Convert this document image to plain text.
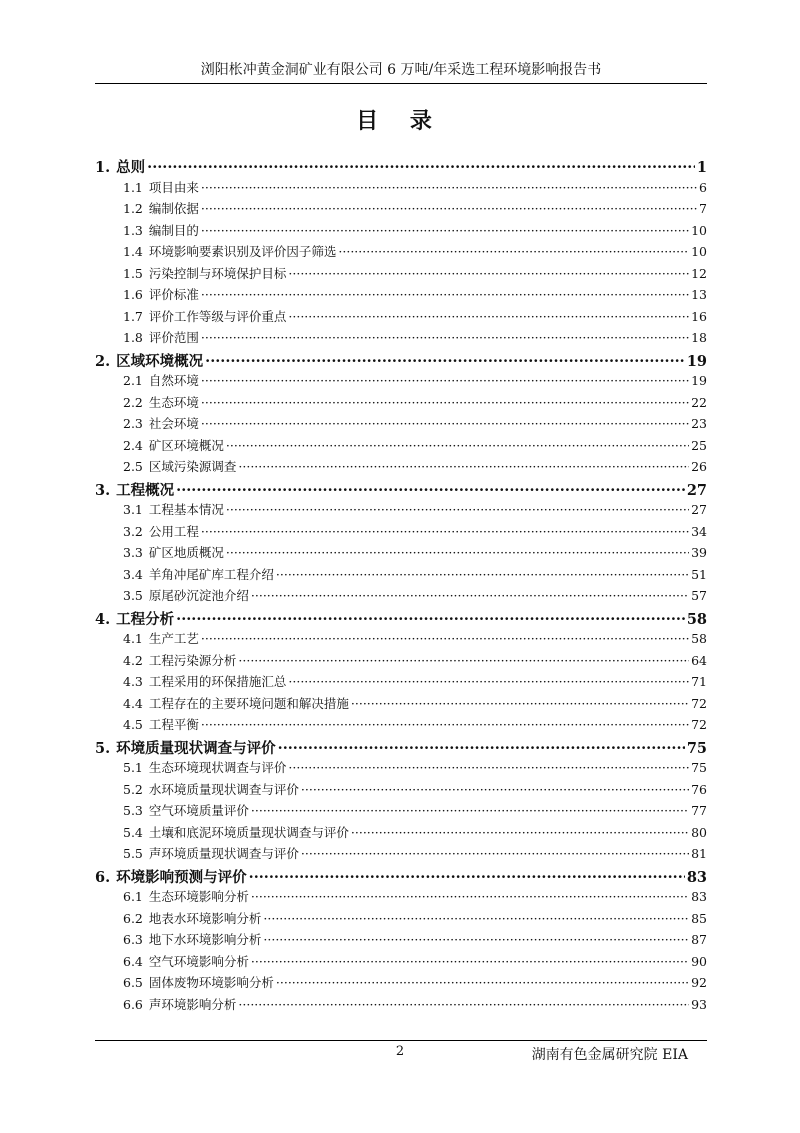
浏阳枨冲黄金洞矿业有限公司 6 万吨/年采选工程环境影响报告书
目 录
1. 总则 ·····	1
1.1 项目由来 ·····	6
1.2 编制依据 ·····	7
1.3 编制目的 ·····	10
1.4 环境影响要素识别及评价因子筛选 ·····	10
1.5 污染控制与环境保护目标 ·····	12
1.6 评价标准 ·····	13
1.7 评价工作等级与评价重点 ·····	16
1.8 评价范围 ·····	18
2. 区域环境概况 ·····	19
2.1 自然环境 ·····	19
2.2 生态环境 ·····	22
2.3 社会环境 ·····	23
2.4 矿区环境概况 ·····	25
2.5 区域污染源调查 ·····	26
3. 工程概况 ·····	27
3.1 工程基本情况 ·····	27
3.2 公用工程 ·····	34
3.3 矿区地质概况 ·····	39
3.4 羊角冲尾矿库工程介绍 ·····	51
3.5 原尾砂沉淀池介绍 ·····	57
4. 工程分析 ·····	58
4.1 生产工艺 ·····	58
4.2 工程污染源分析 ·····	64
4.3 工程采用的环保措施汇总 ·····	71
4.4 工程存在的主要环境问题和解决措施 ·····	72
4.5 工程平衡 ·····	72
5. 环境质量现状调查与评价 ·····	75
5.1 生态环境现状调查与评价 ·····	75
5.2 水环境质量现状调查与评价 ·····	76
5.3 空气环境质量评价 ·····	77
5.4 土壤和底泥环境质量现状调查与评价 ·····	80
5.5 声环境质量现状调查与评价 ·····	81
6. 环境影响预测与评价 ·····	83
6.1 生态环境影响分析 ·····	83
6.2 地表水环境影响分析 ·····	85
6.3 地下水环境影响分析 ·····	87
6.4 空气环境影响分析 ·····	90
6.5 固体废物环境影响分析 ·····	92
6.6 声环境影响分析 ·····	93
2	湖南有色金属研究院 EIA
